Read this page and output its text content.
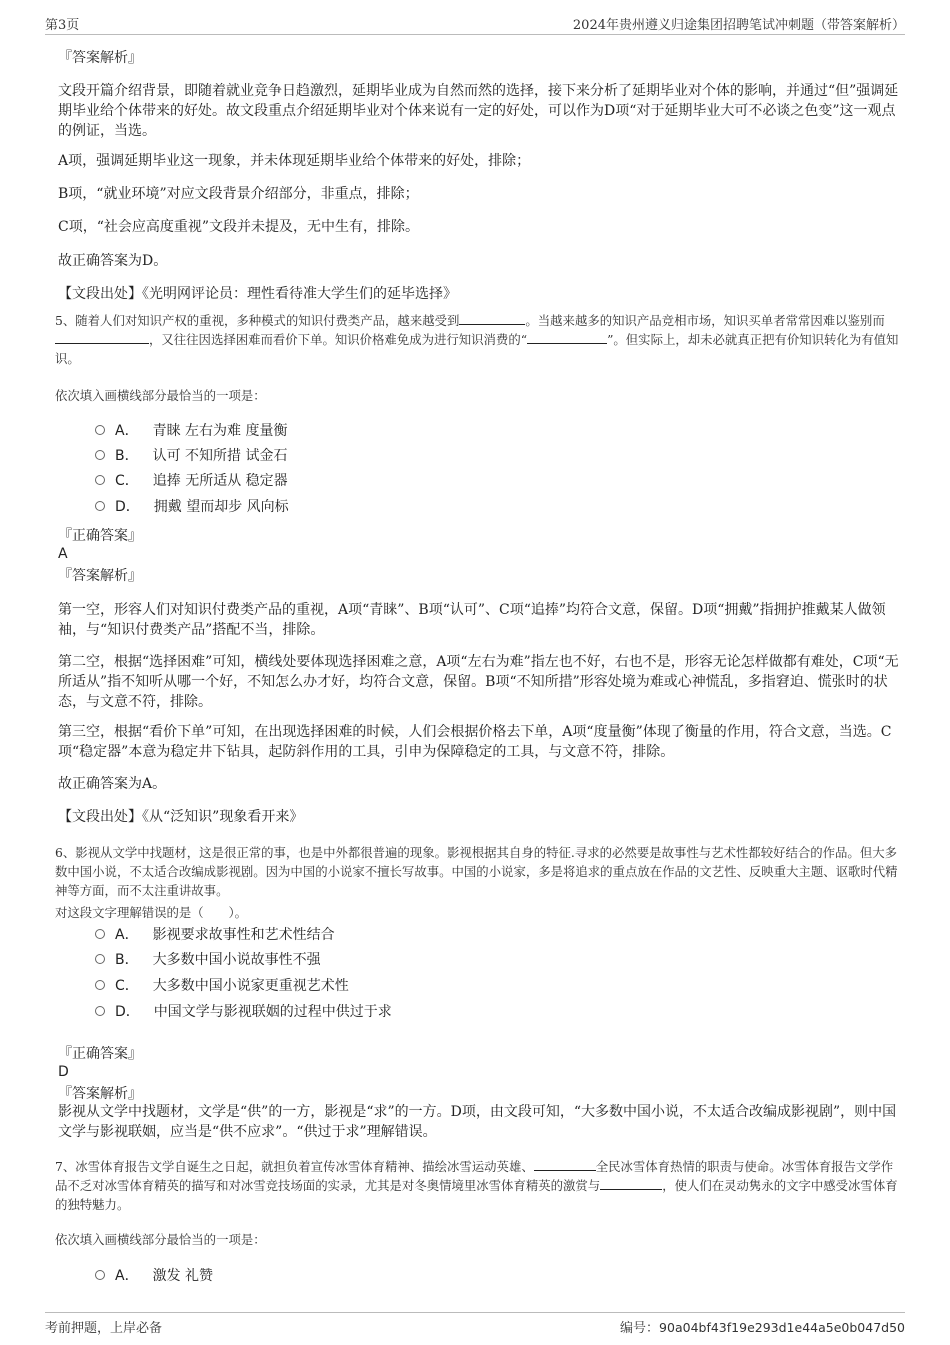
第3页	2024年贵州遵义归途集团招聘笔试冲刺题（带答案解析）
『答案解析』
文段开篇介绍背景，即随着就业竞争日趋激烈，延期毕业成为自然而然的选择，接下来分析了延期毕业对个体的影响，并通过“但”强调延期毕业给个体带来的好处。故文段重点介绍延期毕业对个体来说有一定的好处，可以作为D项“对于延期毕业大可不必谈之色变”这一观点的例证，当选。
A项，强调延期毕业这一现象，并未体现延期毕业给个体带来的好处，排除；
B项，“就业环境”对应文段背景介绍部分，非重点，排除；
C项，“社会应高度重视”文段并未提及，无中生有，排除。
故正确答案为D。
【文段出处】《光明网评论员：理性看待准大学生们的延毕选择》
5、随着人们对知识产权的重视，多种模式的知识付费类产品，越来越受到	。当越来越多的知识产品竞相市场，知识买单者常常因难以鉴别而，又往往因选择困难而看价下单。知识价格难免成为进行知识消费的“	”。但实际上，却未必就真正把有价知识转化为有值知识。
依次填入画横线部分最恰当的一项是：
A． 青睐 左右为难 度量衡
B． 认可 不知所措 试金石
C． 追捧 无所适从 稳定器
D． 拥戴 望而却步 风向标
『正确答案』
A
『答案解析』
第一空，形容人们对知识付费类产品的重视，A项“青睐”、B项“认可”、C项“追捧”均符合文意，保留。D项“拥戴”指拥护推戴某人做领袖，与“知识付费类产品”搭配不当，排除。
第二空，根据“选择困难”可知，横线处要体现选择困难之意，A项“左右为难”指左也不好，右也不是，形容无论怎样做都有难处，C项“无所适从”指不知听从哪一个好，不知怎么办才好，均符合文意，保留。B项“不知所措”形容处境为难或心神慌乱，多指窘迫、慌张时的状态，与文意不符，排除。
第三空，根据“看价下单”可知，在出现选择困难的时候，人们会根据价格去下单，A项“度量衡”体现了衡量的作用，符合文意，当选。C项“稳定器”本意为稳定井下钻具，起防斜作用的工具，引申为保障稳定的工具，与文意不符，排除。
故正确答案为A。
【文段出处】《从“泛知识”现象看开来》
6、影视从文学中找题材，这是很正常的事，也是中外都很普遍的现象。影视根据其自身的特征.寻求的必然要是故事性与艺术性都较好结合的作品。但大多数中国小说，不太适合改编成影视剧。因为中国的小说家不擅长写故事。中国的小说家，多是将追求的重点放在作品的文艺性、反映重大主题、讴歌时代精神等方面，而不太注重讲故事。
对这段文字理解错误的是（　　）。
A． 影视要求故事性和艺术性结合
B． 大多数中国小说故事性不强
C． 大多数中国小说家更重视艺术性
D． 中国文学与影视联姻的过程中供过于求
『正确答案』
D
『答案解析』
影视从文学中找题材，文学是“供”的一方，影视是“求”的一方。D项，由文段可知，“大多数中国小说，不太适合改编成影视剧”，则中国文学与影视联姻，应当是“供不应求”。“供过于求”理解错误。
7、冰雪体育报告文学自诞生之日起，就担负着宣传冰雪体育精神、描绘冰雪运动英雄、	全民冰雪体育热情的职责与使命。冰雪体育报告文学作品不乏对冰雪体育精英的描写和对冰雪竞技场面的实录，尤其是对冬奥情境里冰雪体育精英的激赏与	，使人们在灵动隽永的文字中感受冰雪体育的独特魅力。
依次填入画横线部分最恰当的一项是：
A． 激发 礼赞
考前押题，上岸必备	编号：90a04bf43f19e293d1e44a5e0b047d50
